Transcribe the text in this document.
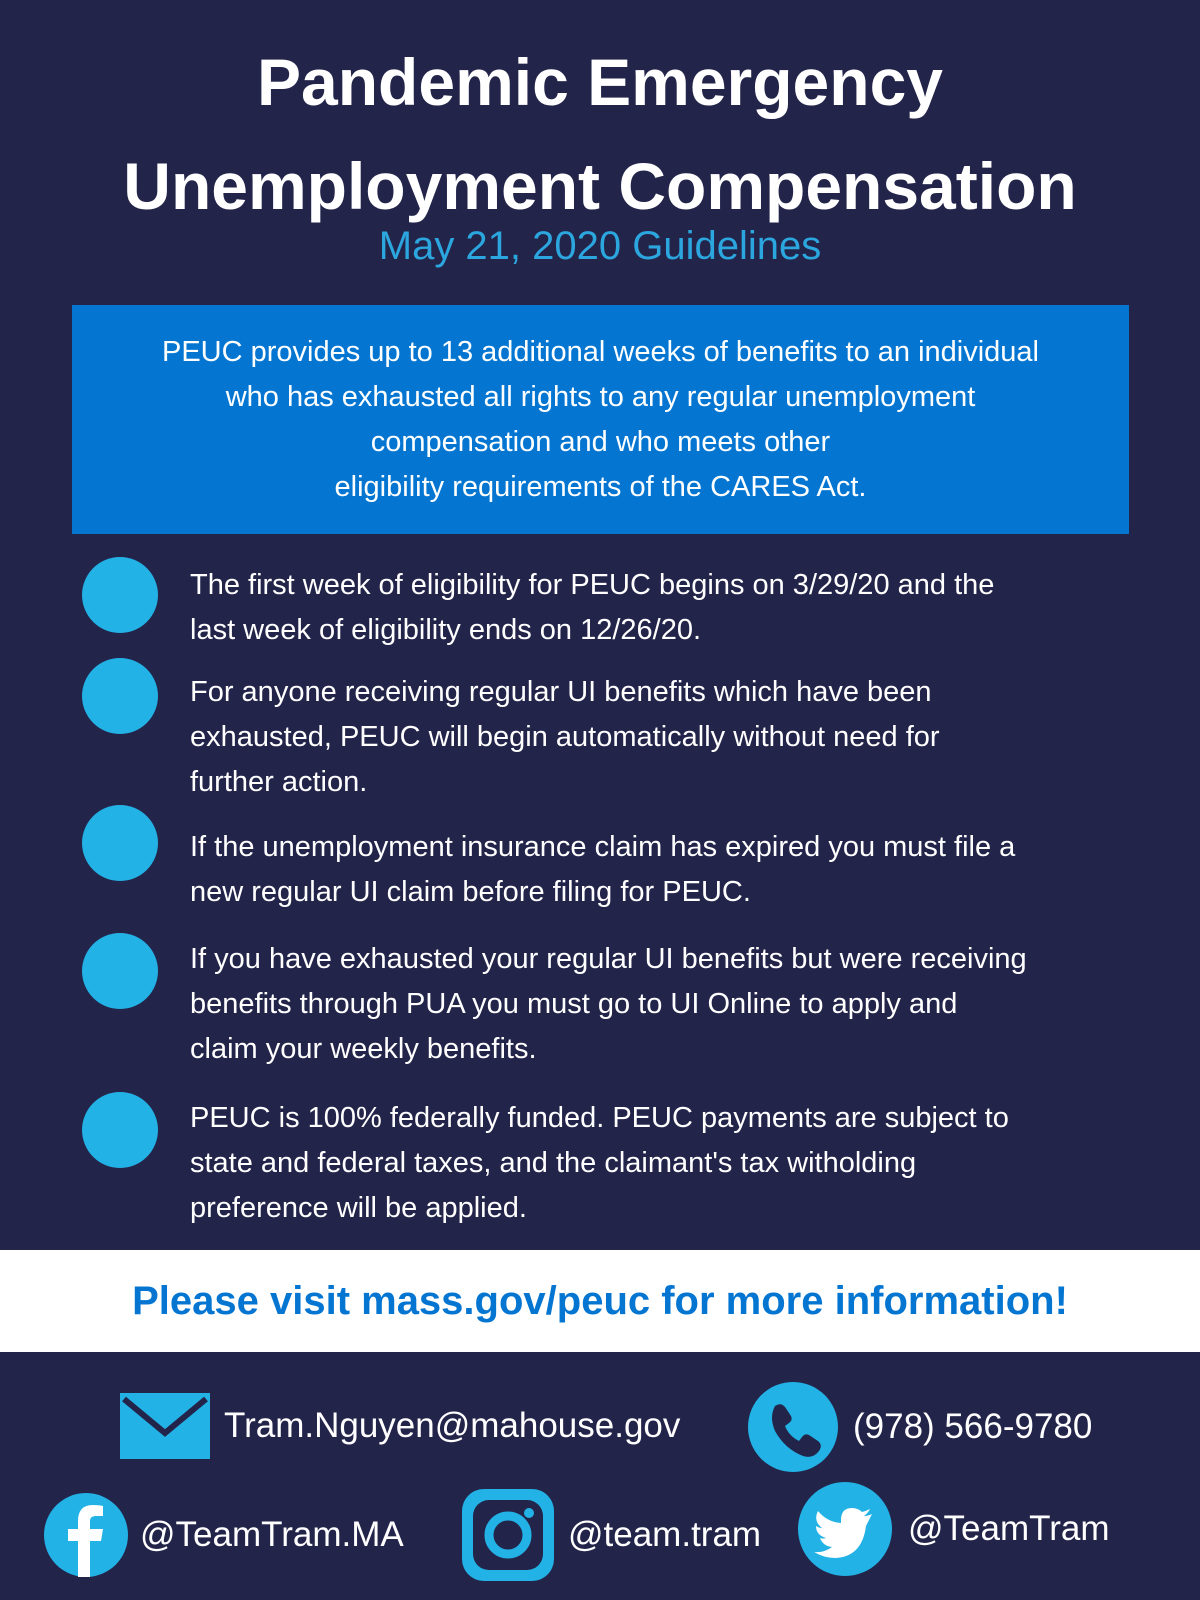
Pandemic Emergency
Unemployment Compensation
May 21, 2020 Guidelines
PEUC provides up to 13 additional weeks of benefits to an individual
who has exhausted all rights to any regular unemployment
compensation and who meets other
eligibility requirements of the CARES Act.
The first week of eligibility for PEUC begins on 3/29/20 and the
last week of eligibility ends on 12/26/20.
For anyone receiving regular UI benefits which have been
exhausted, PEUC will begin automatically without need for
further action.
If the unemployment insurance claim has expired you must file a
new regular UI claim before filing for PEUC.
If you have exhausted your regular UI benefits but were receiving
benefits through PUA you must go to UI Online to apply and
claim your weekly benefits.
PEUC is 100% federally funded. PEUC payments are subject to
state and federal taxes, and the claimant's tax witholding
preference will be applied.
Please visit mass.gov/peuc for more information!
Tram.Nguyen@mahouse.gov	(978) 566-9780
@TeamTram.MA	@team.tram	@TeamTram
